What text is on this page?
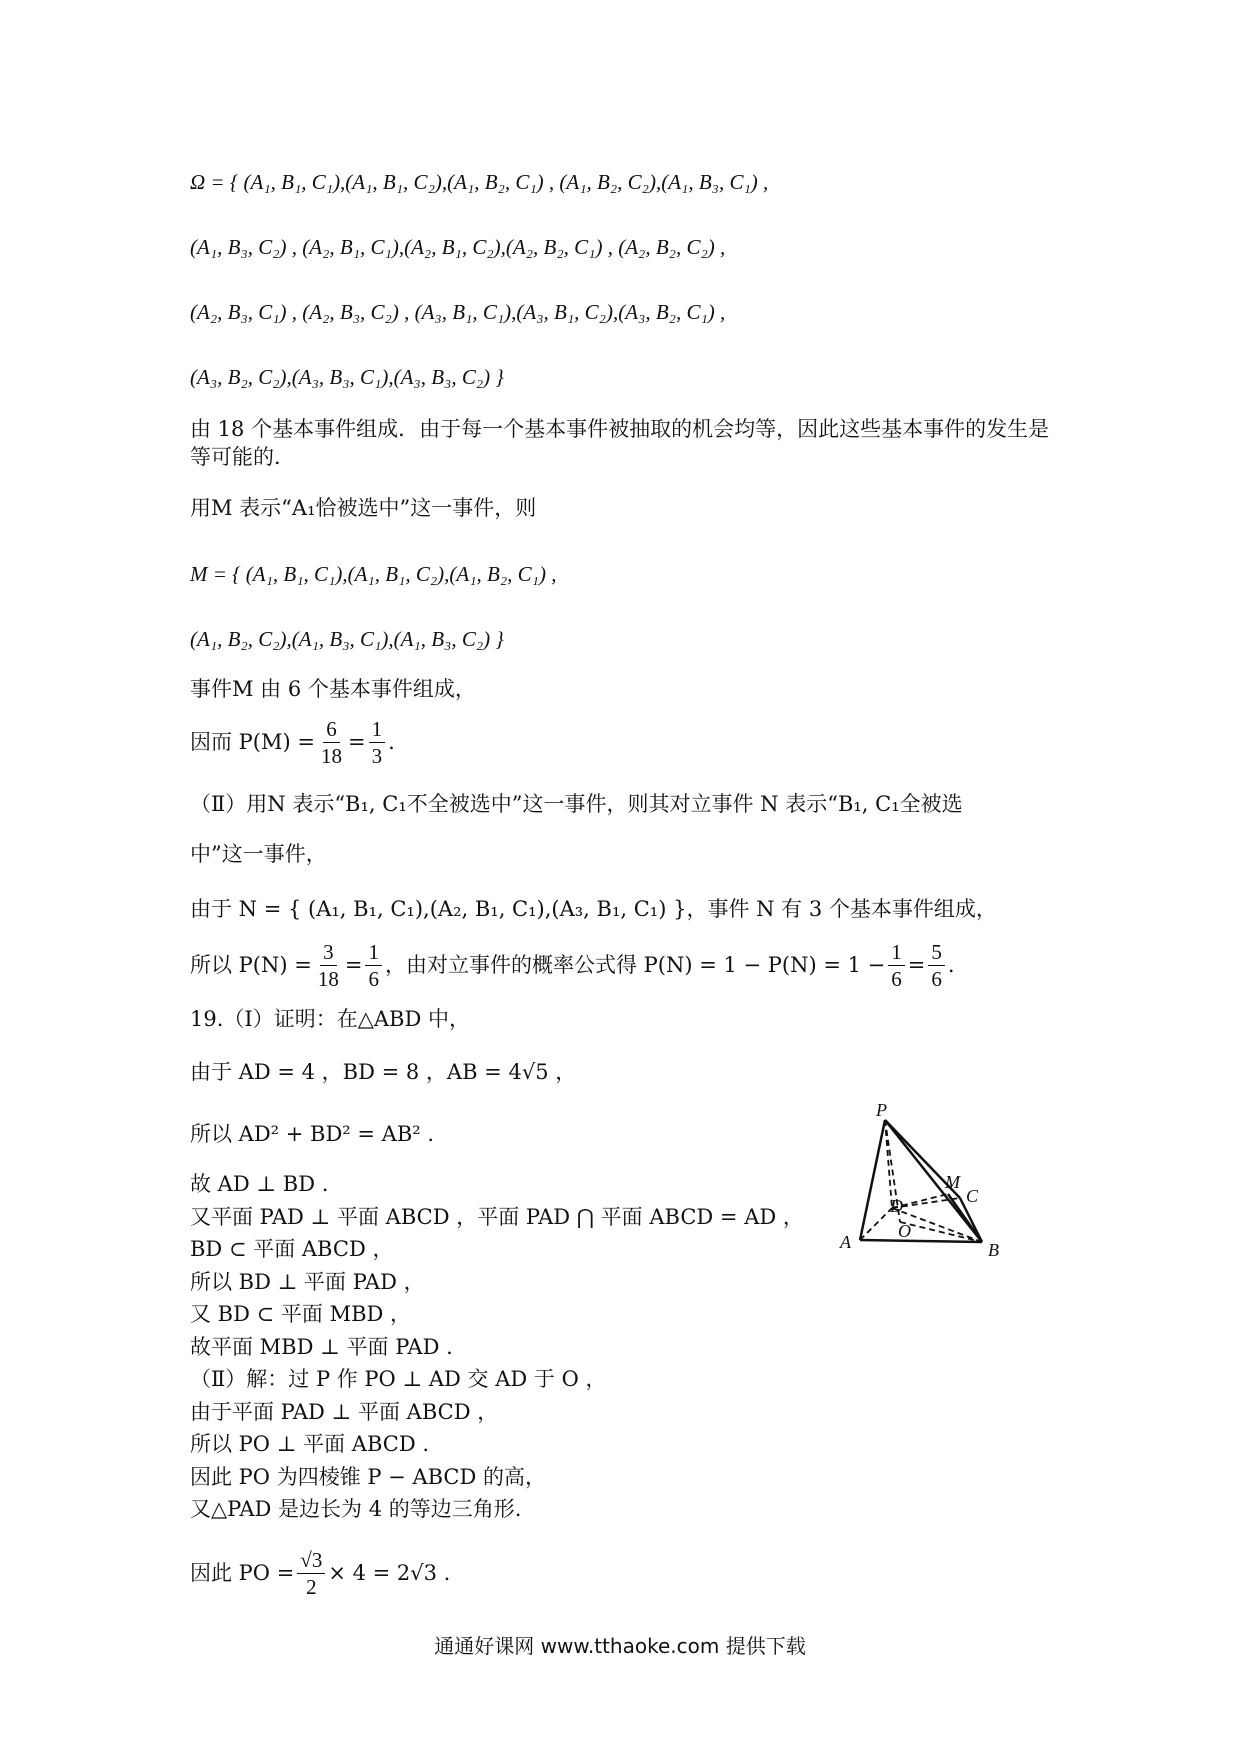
Ω = { (A₁, B₁, C₁),(A₁, B₁, C₂),(A₁, B₂, C₁) , (A₁, B₂, C₂),(A₁, B₃, C₁) ,
(A₁, B₃, C₂) , (A₂, B₁, C₁),(A₂, B₁, C₂),(A₂, B₂, C₁) , (A₂, B₂, C₂) ,
(A₂, B₃, C₁) , (A₂, B₃, C₂) , (A₃, B₁, C₁),(A₃, B₁, C₂),(A₃, B₂, C₁) ,
(A₃, B₂, C₂),(A₃, B₃, C₁),(A₃, B₃, C₂) }
由 18 个基本事件组成．由于每一个基本事件被抽取的机会均等，因此这些基本事件的发生是等可能的．
用M 表示“A₁恰被选中”这一事件，则
M = { (A₁, B₁, C₁),(A₁, B₁, C₂),(A₁, B₂, C₁) ,
(A₁, B₂, C₂),(A₁, B₃, C₁),(A₁, B₃, C₂) }
事件M 由 6 个基本事件组成，
因而 $P(M) = \frac{6}{18} = \frac{1}{3}$ .
（Ⅱ）用N 表示“B₁, C₁不全被选中”这一事件，则其对立事件 N 表示“B₁, C₁全被选
中”这一事件，
由于 N = { (A₁, B₁, C₁),(A₂, B₁, C₁),(A₃, B₁, C₁) }，事件 N 有 3 个基本事件组成，
所以 $P(N) = \frac{3}{18} = \frac{1}{6}$ ，由对立事件的概率公式得 $P(N) = 1 - P(N) = 1 - \frac{1}{6} = \frac{5}{6}$ .
19.（Ⅰ）证明：在△ABD 中，
由于 AD = 4 ，BD = 8 ，AB = 4√5 ，
所以 AD² + BD² = AB² .
故 AD ⊥ BD .
又平面 PAD ⊥ 平面 ABCD ，平面 PAD ⋂ 平面 ABCD = AD ，
BD ⊂ 平面 ABCD ，
所以 BD ⊥ 平面 PAD ，
又 BD ⊂ 平面 MBD ，
故平面 MBD ⊥ 平面 PAD .
（Ⅱ）解：过 P 作 PO ⊥ AD 交 AD 于 O ，
由于平面 PAD ⊥ 平面 ABCD ，
所以 PO ⊥ 平面 ABCD .
因此 PO 为四棱锥 P − ABCD 的高，
又△PAD 是边长为 4 的等边三角形.
因此 PO = $\frac{√3}{2} \times 4 = 2√3$ .
P
M
C
D
O
A	B
通通好课网 www.tthaoke.com 提供下载
